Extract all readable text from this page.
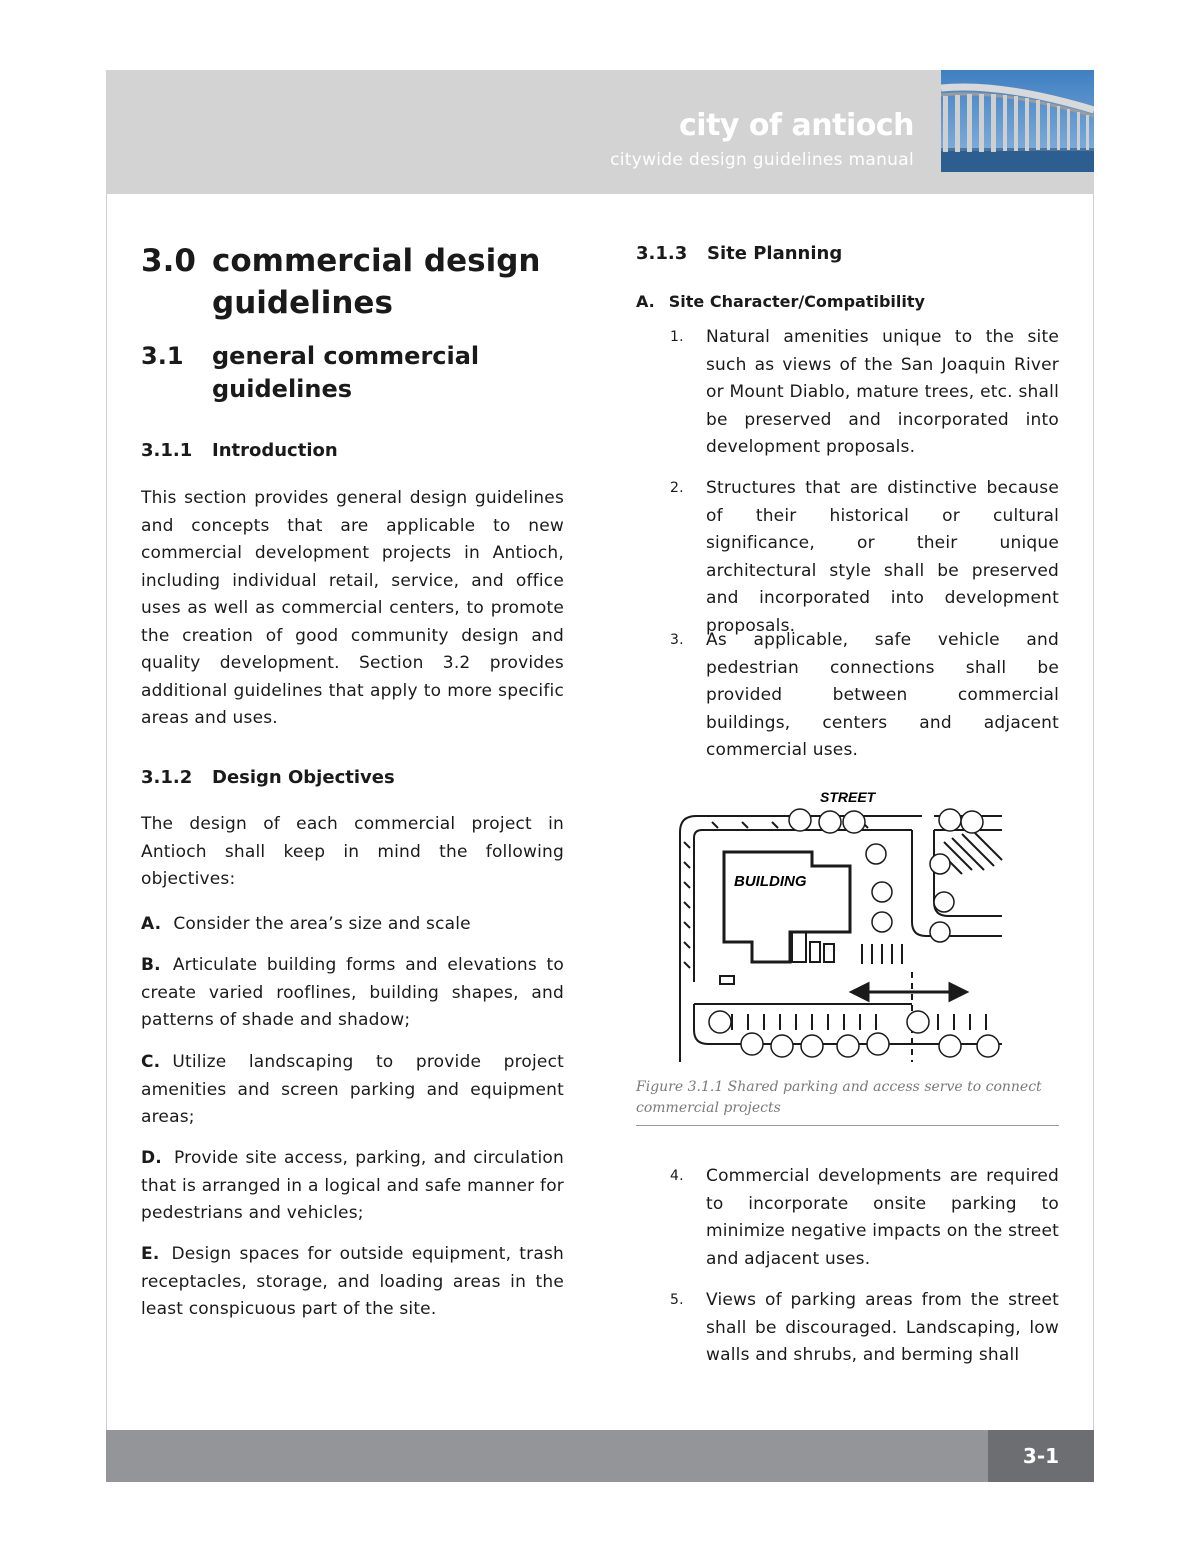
city of antioch
citywide design guidelines manual
3.0 commercial design guidelines
3.1 general commercial guidelines
3.1.1 Introduction
This section provides general design guidelines and concepts that are applicable to new commercial development projects in Antioch, including individual retail, service, and office uses as well as commercial centers, to promote the creation of good community design and quality development. Section 3.2 provides additional guidelines that apply to more specific areas and uses.
3.1.2 Design Objectives
The design of each commercial project in Antioch shall keep in mind the following objectives:
A. Consider the area’s size and scale
B. Articulate building forms and elevations to create varied rooflines, building shapes, and patterns of shade and shadow;
C. Utilize landscaping to provide project amenities and screen parking and equipment areas;
D. Provide site access, parking, and circulation that is arranged in a logical and safe manner for pedestrians and vehicles;
E. Design spaces for outside equipment, trash receptacles, storage, and loading areas in the least conspicuous part of the site.
3.1.3 Site Planning
A. Site Character/Compatibility
1. Natural amenities unique to the site such as views of the San Joaquin River or Mount Diablo, mature trees, etc. shall be preserved and incorporated into development proposals.
2. Structures that are distinctive because of their historical or cultural significance, or their unique architectural style shall be preserved and incorporated into development proposals.
3. As applicable, safe vehicle and pedestrian connections shall be provided between commercial buildings, centers and adjacent commercial uses.
STREET
BUILDING
Figure 3.1.1 Shared parking and access serve to connect commercial projects
4. Commercial developments are required to incorporate onsite parking to minimize negative impacts on the street and adjacent uses.
5. Views of parking areas from the street shall be discouraged. Landscaping, low walls and shrubs, and berming shall
3-1
